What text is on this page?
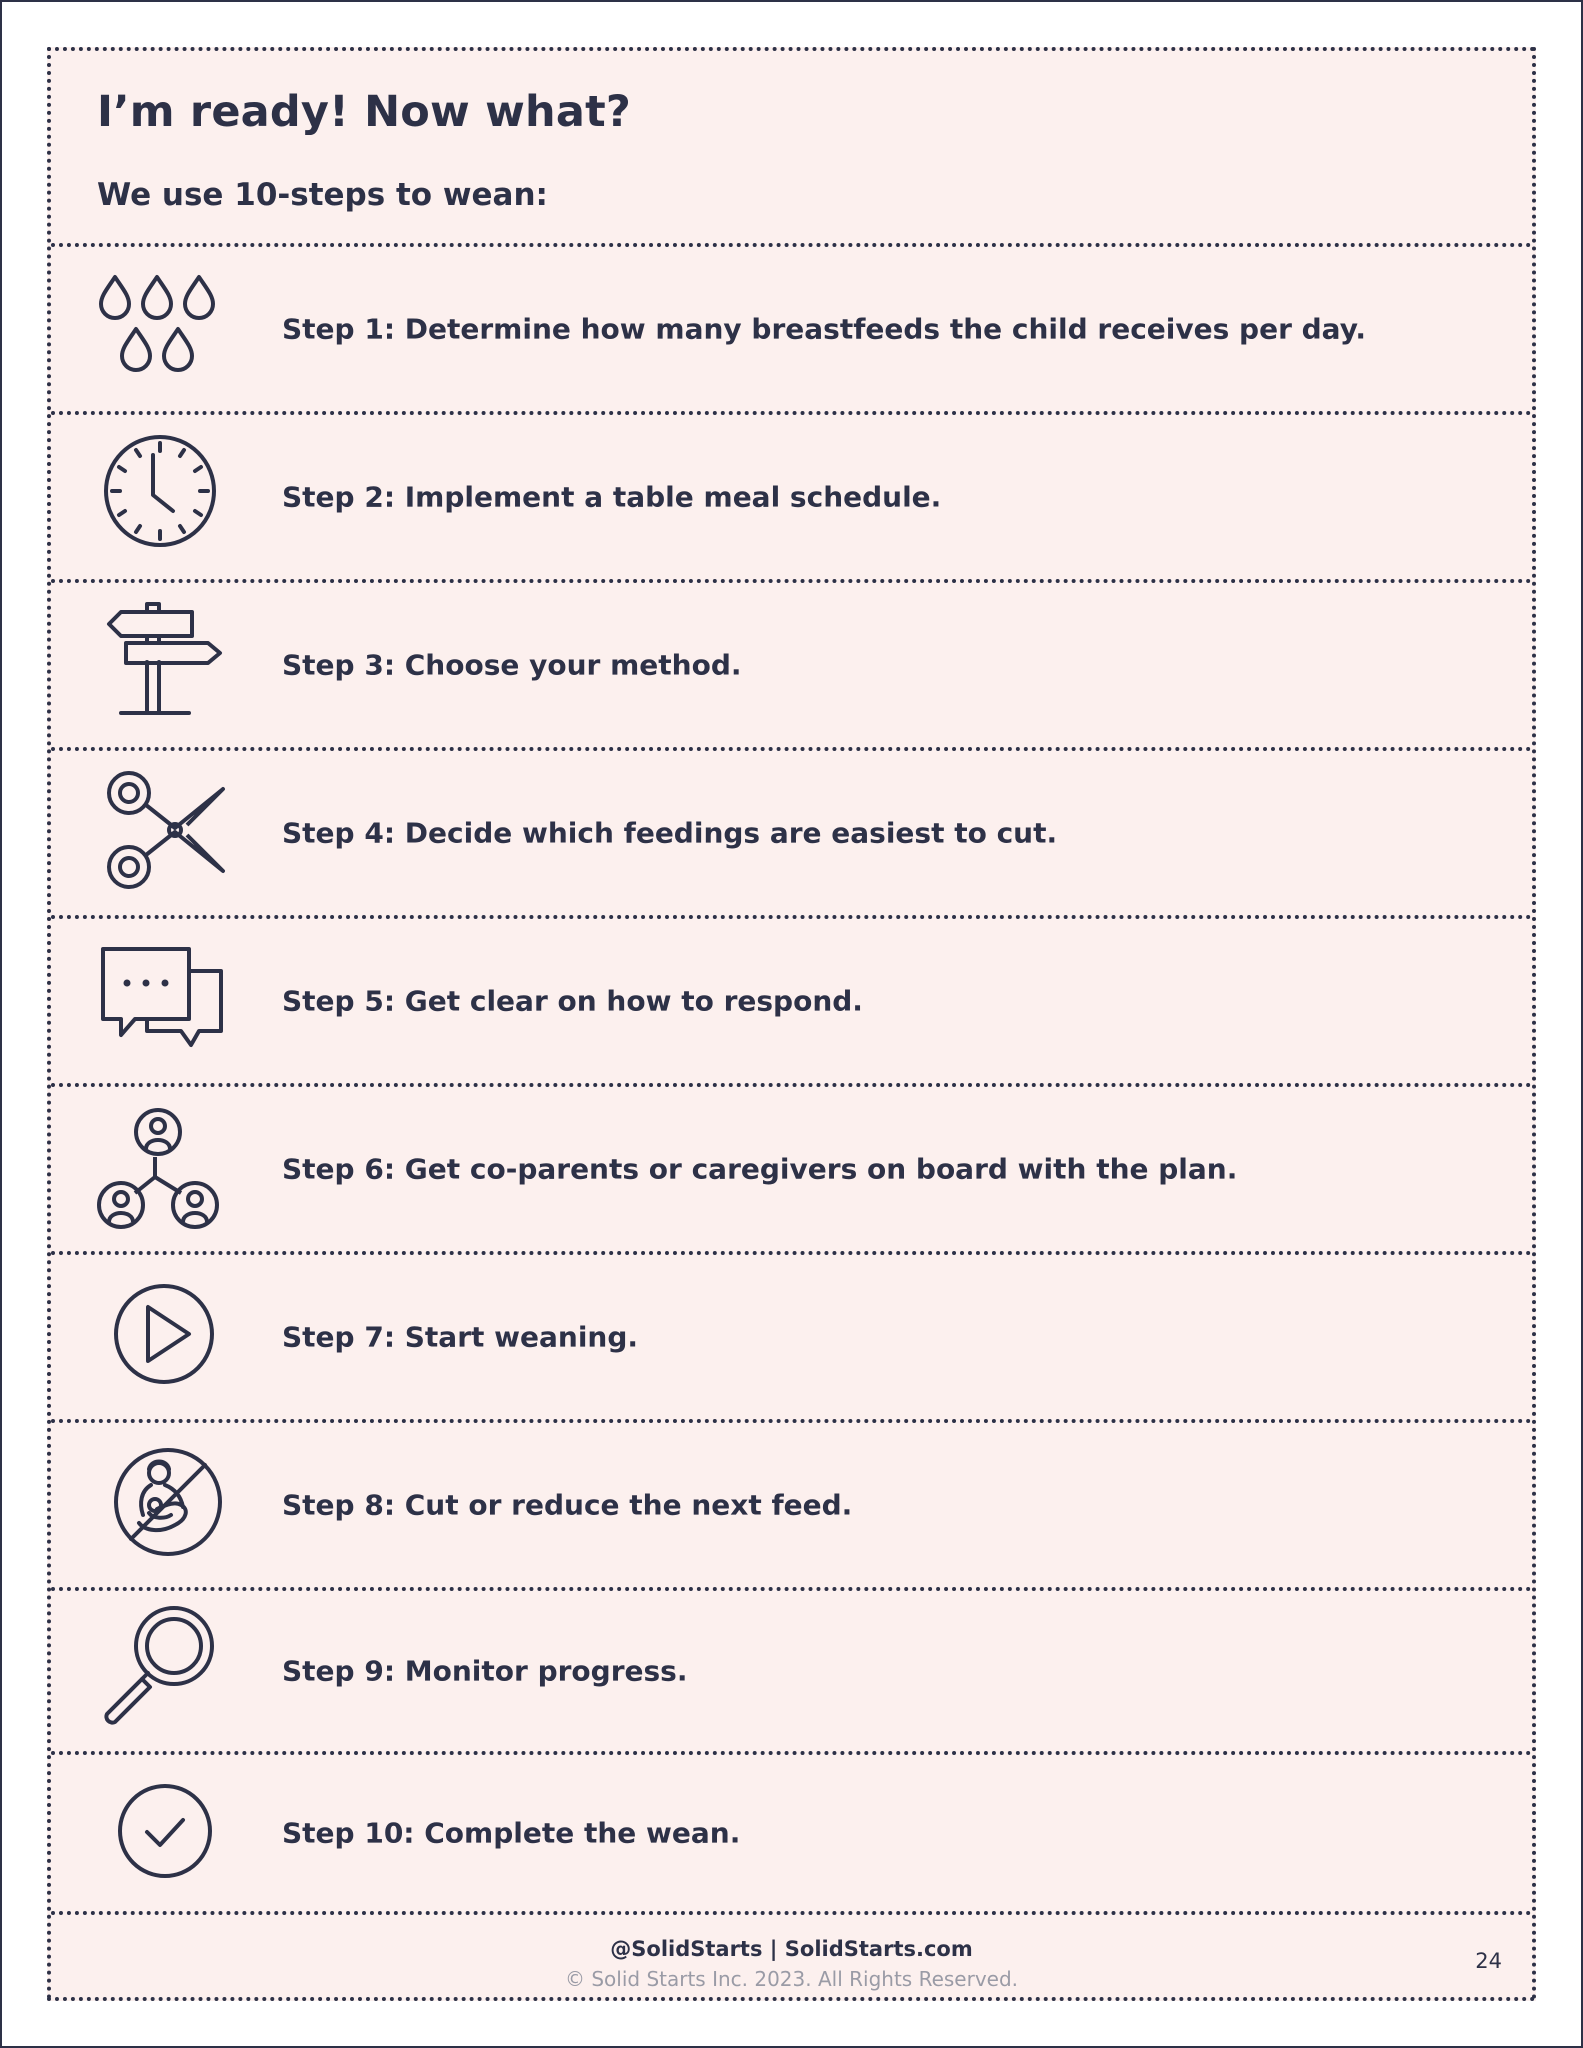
I’m ready! Now what?
We use 10-steps to wean:
Step 1: Determine how many breastfeeds the child receives per day.
Step 2: Implement a table meal schedule.
Step 3: Choose your method.
Step 4: Decide which feedings are easiest to cut.
Step 5: Get clear on how to respond.
Step 6: Get co-parents or caregivers on board with the plan.
Step 7: Start weaning.
Step 8: Cut or reduce the next feed.
Step 9: Monitor progress.
Step 10: Complete the wean.
@SolidStarts | SolidStarts.com
© Solid Starts Inc. 2023. All Rights Reserved.
24
